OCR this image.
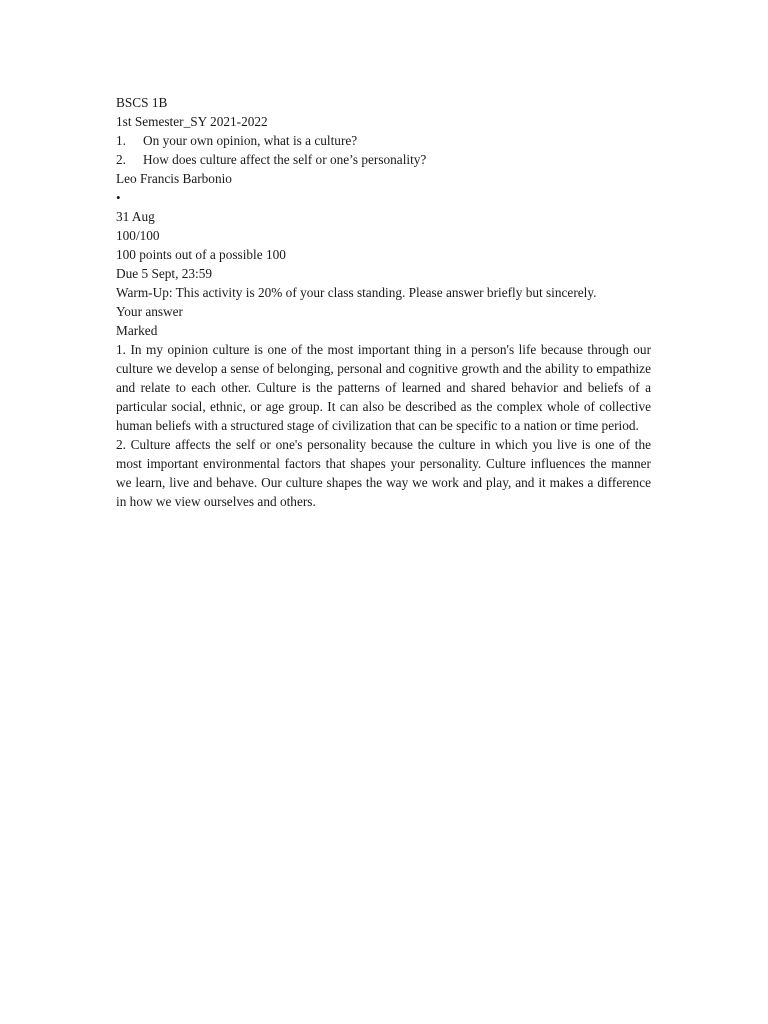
BSCS 1B
1st Semester_SY 2021-2022
1.	On your own opinion, what is a culture?
2.	How does culture affect the self or one’s personality?
Leo Francis Barbonio
•
31 Aug
100/100
100 points out of a possible 100
Due 5 Sept, 23:59
Warm-Up: This activity is 20% of your class standing. Please answer briefly but sincerely.
Your answer
Marked

1. In my opinion culture is one of the most important thing in a person's life because through our culture we develop a sense of belonging, personal and cognitive growth and the ability to empathize and relate to each other. Culture is the patterns of learned and shared behavior and beliefs of a particular social, ethnic, or age group. It can also be described as the complex whole of collective human beliefs with a structured stage of civilization that can be specific to a nation or time period.

2. Culture affects the self or one's personality because the culture in which you live is one of the most important environmental factors that shapes your personality. Culture influences the manner we learn, live and behave. Our culture shapes the way we work and play, and it makes a difference in how we view ourselves and others.
